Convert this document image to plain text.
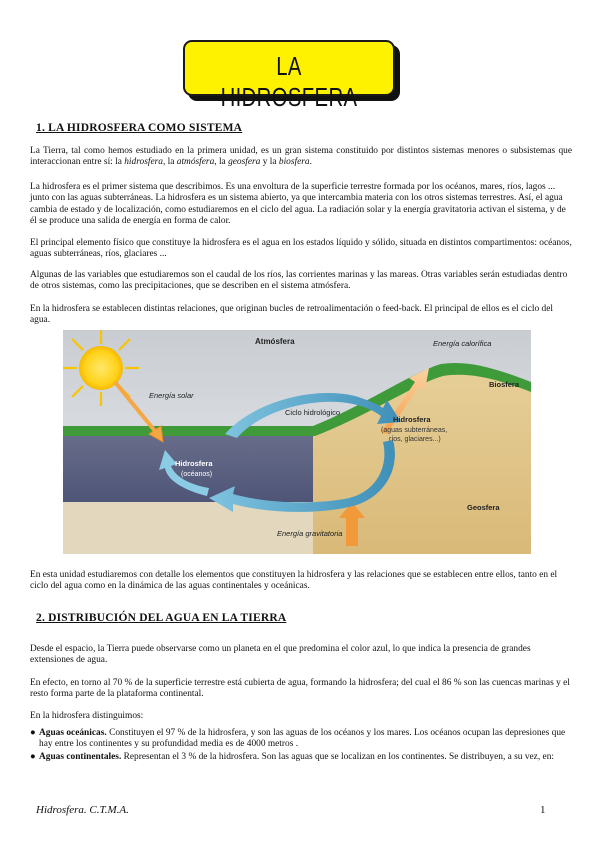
LA HIDROSFERA
1. LA HIDROSFERA COMO SISTEMA

La Tierra, tal como hemos estudiado en la primera unidad, es un gran sistema constituido por distintos sistemas menores o subsistemas que interaccionan entre sí: la hidrosfera, la atmósfera, la geosfera y la biosfera.

La hidrosfera es el primer sistema que describimos. Es una envoltura de la superficie terrestre formada por los océanos, mares, ríos, lagos ... junto con las aguas subterráneas. La hidrosfera es un sistema abierto, ya que intercambia materia con los otros sistemas terrestres. Así, el agua cambia de estado y de localización, como estudiaremos en el ciclo del agua. La radiación solar y la energía gravitatoria activan el sistema, y de él se produce una salida de energía en forma de calor.

El principal elemento físico que constituye la hidrosfera es el agua en los estados líquido y sólido, situada en distintos compartimentos: océanos, aguas subterráneas, ríos, glaciares ...

Algunas de las variables que estudiaremos son el caudal de los ríos, las corrientes marinas y las mareas. Otras variables serán estudiadas dentro de otros sistemas, como las precipitaciones, que se describen en el sistema atmósfera.

En la hidrosfera se establecen distintas relaciones, que originan bucles de retroalimentación o feed-back. El principal de ellos es el ciclo del agua.

Atmósfera	Energía calorífica
Biosfera
Energía solar
Ciclo hidrológico
Hidrosfera
(aguas subterráneas,
ríos, glaciares...)
Hidrosfera
(océanos)
Geosfera
Energía gravitatoria

En esta unidad estudiaremos con detalle los elementos que constituyen la hidrosfera y las relaciones que se establecen entre ellos, tanto en el ciclo del agua como en la dinámica de las aguas continentales y oceánicas.

2. DISTRIBUCIÓN DEL AGUA EN LA TIERRA

Desde el espacio, la Tierra puede observarse como un planeta en el que predomina el color azul, lo que indica la presencia de grandes extensiones de agua.

En efecto, en torno al 70 % de la superficie terrestre está cubierta de agua, formando la hidrosfera; del cual el 86 % son las cuencas marinas y el resto forma parte de la plataforma continental.

En la hidrosfera distinguimos:

● Aguas oceánicas. Constituyen el 97 % de la hidrosfera, y son las aguas de los océanos y los mares. Los océanos ocupan las depresiones que hay entre los continentes y su profundidad media es de 4000 metros .
● Aguas continentales. Representan el 3 % de la hidrosfera. Son las aguas que se localizan en los continentes. Se distribuyen, a su vez, en:
Hidrosfera. C.T.M.A.	1
